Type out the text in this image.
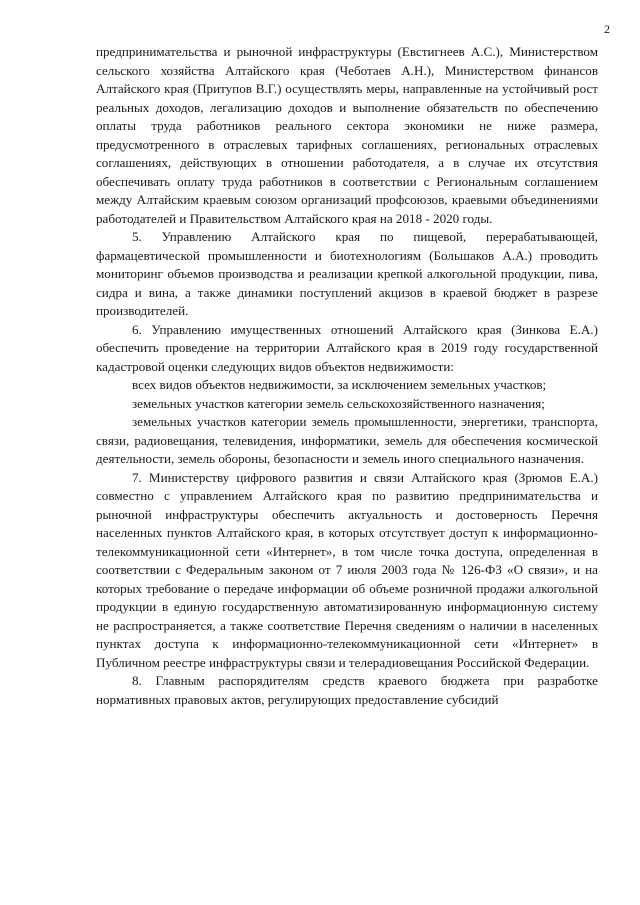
2

предпринимательства и рыночной инфраструктуры (Евстигнеев А.С.), Министерством сельского хозяйства Алтайского края (Чеботаев А.Н.), Министерством финансов Алтайского края (Притупов В.Г.) осуществлять меры, направленные на устойчивый рост реальных доходов, легализацию доходов и выполнение обязательств по обеспечению оплаты труда работников реального сектора экономики не ниже размера, предусмотренного в отраслевых тарифных соглашениях, региональных отраслевых соглашениях, действующих в отношении работодателя, а в случае их отсутствия обеспечивать оплату труда работников в соответствии с Региональным соглашением между Алтайским краевым союзом организаций профсоюзов, краевыми объединениями работодателей и Правительством Алтайского края на 2018 - 2020 годы.

5. Управлению Алтайского края по пищевой, перерабатывающей, фармацевтической промышленности и биотехнологиям (Большаков А.А.) проводить мониторинг объемов производства и реализации крепкой алкогольной продукции, пива, сидра и вина, а также динамики поступлений акцизов в краевой бюджет в разрезе производителей.

6. Управлению имущественных отношений Алтайского края (Зинкова Е.А.) обеспечить проведение на территории Алтайского края в 2019 году государственной кадастровой оценки следующих видов объектов недвижимости:

всех видов объектов недвижимости, за исключением земельных участков;

земельных участков категории земель сельскохозяйственного назначения;

земельных участков категории земель промышленности, энергетики, транспорта, связи, радиовещания, телевидения, информатики, земель для обеспечения космической деятельности, земель обороны, безопасности и земель иного специального назначения.

7. Министерству цифрового развития и связи Алтайского края (Зрюмов Е.А.) совместно с управлением Алтайского края по развитию предпринимательства и рыночной инфраструктуры обеспечить актуальность и достоверность Перечня населенных пунктов Алтайского края, в которых отсутствует доступ к информационно-телекоммуникационной сети «Интернет», в том числе точка доступа, определенная в соответствии с Федеральным законом от 7 июля 2003 года № 126-ФЗ «О связи», и на которых требование о передаче информации об объеме розничной продажи алкогольной продукции в единую государственную автоматизированную информационную систему не распространяется, а также соответствие Перечня сведениям о наличии в населенных пунктах доступа к информационно-телекоммуникационной сети «Интернет» в Публичном реестре инфраструктуры связи и телерадиовещания Российской Федерации.

8. Главным распорядителям средств краевого бюджета при разработке нормативных правовых актов, регулирующих предоставление субсидий
